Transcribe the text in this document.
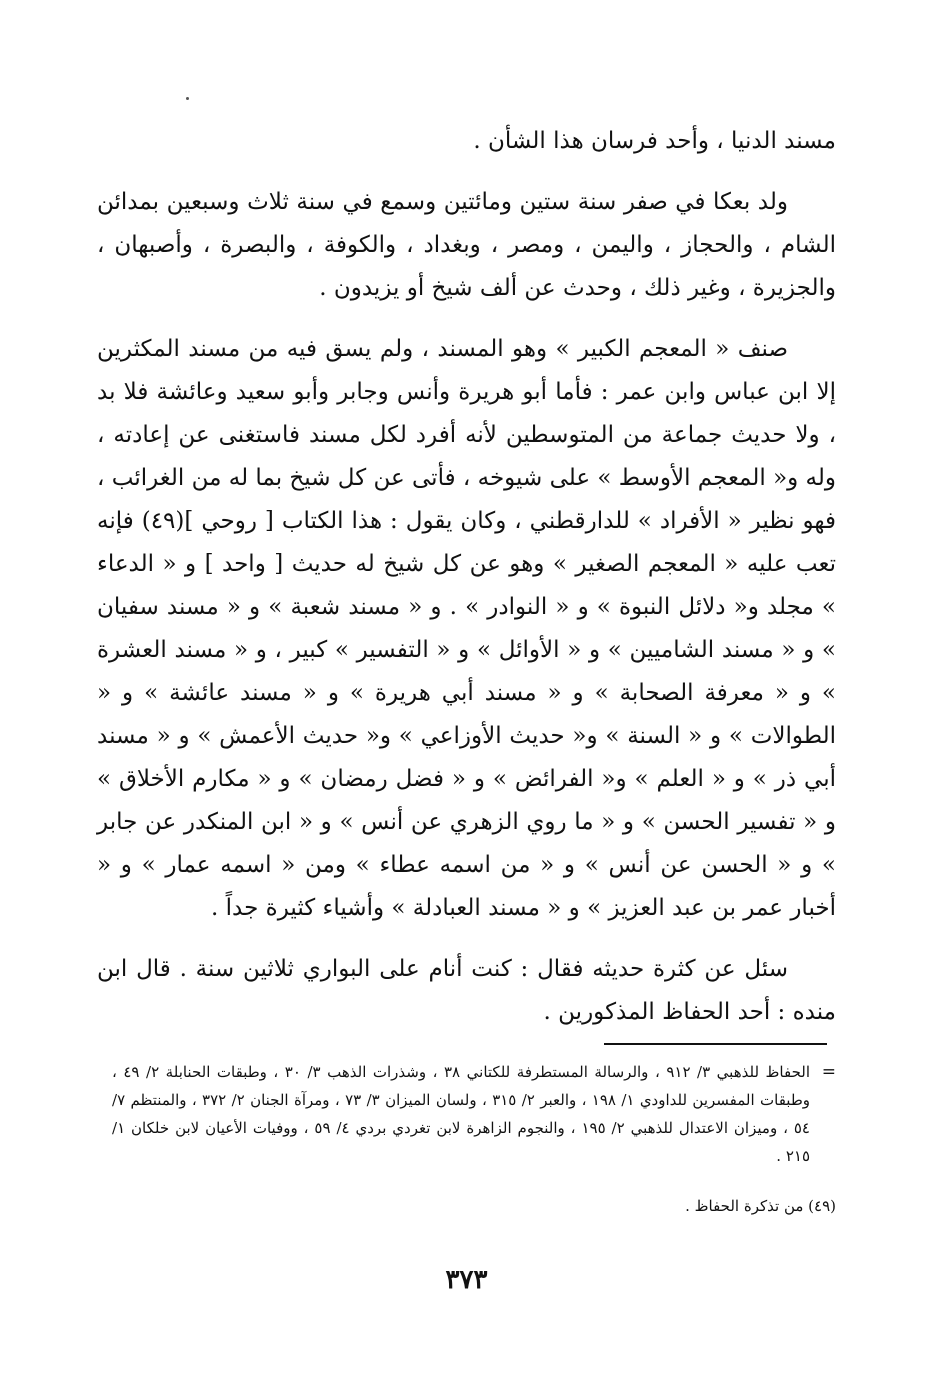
مسند الدنيا ، وأحد فرسان هذا الشأن .

ولد بعكا في صفر سنة ستين ومائتين وسمع في سنة ثلاث وسبعين بمدائن الشام ، والحجاز ، واليمن ، ومصر ، وبغداد ، والكوفة ، والبصرة ، وأصبهان ، والجزيرة ، وغير ذلك ، وحدث عن ألف شيخ أو يزيدون .

صنف « المعجم الكبير » وهو المسند ، ولم يسق فيه من مسند المكثرين إلا ابن عباس وابن عمر : فأما أبو هريرة وأنس وجابر وأبو سعيد وعائشة فلا بد ، ولا حديث جماعة من المتوسطين لأنه أفرد لكل مسند فاستغنى عن إعادته ، وله و« المعجم الأوسط » على شيوخه ، فأتى عن كل شيخ بما له من الغرائب ، فهو نظير « الأفراد » للدارقطني ، وكان يقول : هذا الكتاب [ روحي ](٤٩) فإنه تعب عليه « المعجم الصغير » وهو عن كل شيخ له حديث [ واحد ] و « الدعاء » مجلد و« دلائل النبوة » و « النوادر » . و « مسند شعبة » و « مسند سفيان » و « مسند الشاميين » و « الأوائل » و « التفسير » كبير ، و « مسند العشرة » و « معرفة الصحابة » و « مسند أبي هريرة » و « مسند عائشة » و « الطوالات » و « السنة » و« حديث الأوزاعي » و« حديث الأعمش » و « مسند أبي ذر » و « العلم » و« الفرائض » و « فضل رمضان » و « مكارم الأخلاق » و « تفسير الحسن » و « ما روي الزهري عن أنس » و « ابن المنكدر عن جابر » و « الحسن عن أنس » و « من اسمه عطاء » ومن « اسمه عمار » و « أخبار عمر بن عبد العزيز » و « مسند العبادلة » وأشياء كثيرة جداً .

سئل عن كثرة حديثه فقال : كنت أنام على البواري ثلاثين سنة . قال ابن منده : أحد الحفاظ المذكورين .

=
الحفاظ للذهبي ٣/ ٩١٢ ، والرسالة المستطرفة للكتاني ٣٨ ، وشذرات الذهب ٣/ ٣٠ ، وطبقات الحنابلة ٢/ ٤٩ ، وطبقات المفسرين للداودي ١/ ١٩٨ ، والعبر ٢/ ٣١٥ ، ولسان الميزان ٣/ ٧٣ ، ومرآة الجنان ٢/ ٣٧٢ ، والمنتظم ٧/ ٥٤ ، وميزان الاعتدال للذهبي ٢/ ١٩٥ ، والنجوم الزاهرة لابن تغردي بردي ٤/ ٥٩ ، ووفيات الأعيان لابن خلكان ١/ ٢١٥ .
(٤٩) من تذكرة الحفاظ .
٣٧٣
